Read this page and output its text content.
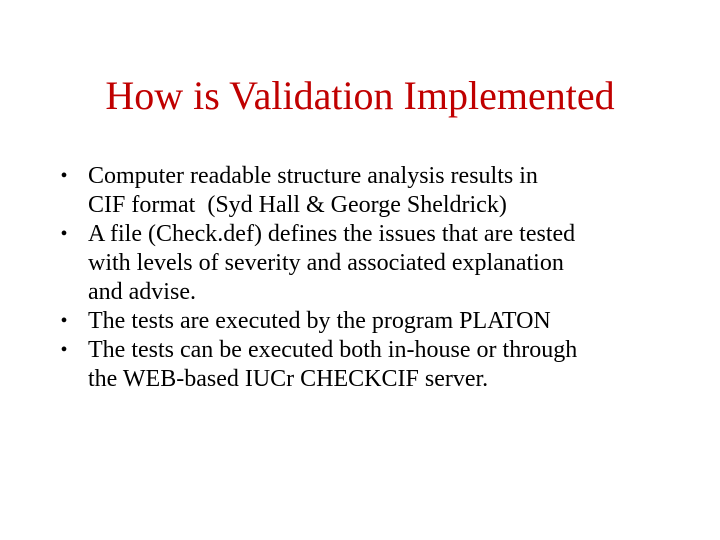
How is Validation Implemented
• Computer readable structure analysis results in
CIF format  (Syd Hall & George Sheldrick)
• A file (Check.def) defines the issues that are tested
with levels of severity and associated explanation
and advise.
• The tests are executed by the program PLATON
• The tests can be executed both in-house or through
the WEB-based IUCr CHECKCIF server.
